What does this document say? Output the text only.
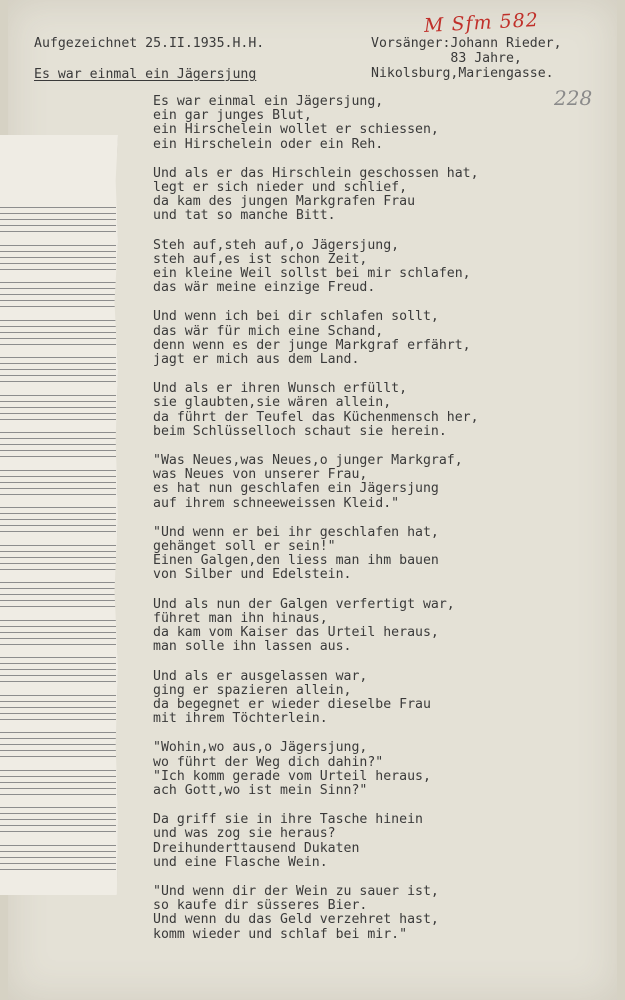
Aufgezeichnet 25.II.1935.H.H.
Es war einmal ein Jägersjung
Vorsänger:Johann Rieder,
83 Jahre,
Nikolsburg,Mariengasse.
M Sfm 582
228
Es war einmal ein Jägersjung,
ein gar junges Blut,
ein Hirschelein wollet er schiessen,
ein Hirschelein oder ein Reh.
Und als er das Hirschlein geschossen hat,
legt er sich nieder und schlief,
da kam des jungen Markgrafen Frau
und tat so manche Bitt.
Steh auf,steh auf,o Jägersjung,
steh auf,es ist schon Zeit,
ein kleine Weil sollst bei mir schlafen,
das wär meine einzige Freud.
Und wenn ich bei dir schlafen sollt,
das wär für mich eine Schand,
denn wenn es der junge Markgraf erfährt,
jagt er mich aus dem Land.
Und als er ihren Wunsch erfüllt,
sie glaubten,sie wären allein,
da führt der Teufel das Küchenmensch her,
beim Schlüsselloch schaut sie herein.
"Was Neues,was Neues,o junger Markgraf,
was Neues von unserer Frau,
es hat nun geschlafen ein Jägersjung
auf ihrem schneeweissen Kleid."
"Und wenn er bei ihr geschlafen hat,
gehänget soll er sein!"
Einen Galgen,den liess man ihm bauen
von Silber und Edelstein.
Und als nun der Galgen verfertigt war,
führet man ihn hinaus,
da kam vom Kaiser das Urteil heraus,
man solle ihn lassen aus.
Und als er ausgelassen war,
ging er spazieren allein,
da begegnet er wieder dieselbe Frau
mit ihrem Töchterlein.
"Wohin,wo aus,o Jägersjung,
wo führt der Weg dich dahin?"
"Ich komm gerade vom Urteil heraus,
ach Gott,wo ist mein Sinn?"
Da griff sie in ihre Tasche hinein
und was zog sie heraus?
Dreihunderttausend Dukaten
und eine Flasche Wein.
"Und wenn dir der Wein zu sauer ist,
so kaufe dir süsseres Bier.
Und wenn du das Geld verzehret hast,
komm wieder und schlaf bei mir."
